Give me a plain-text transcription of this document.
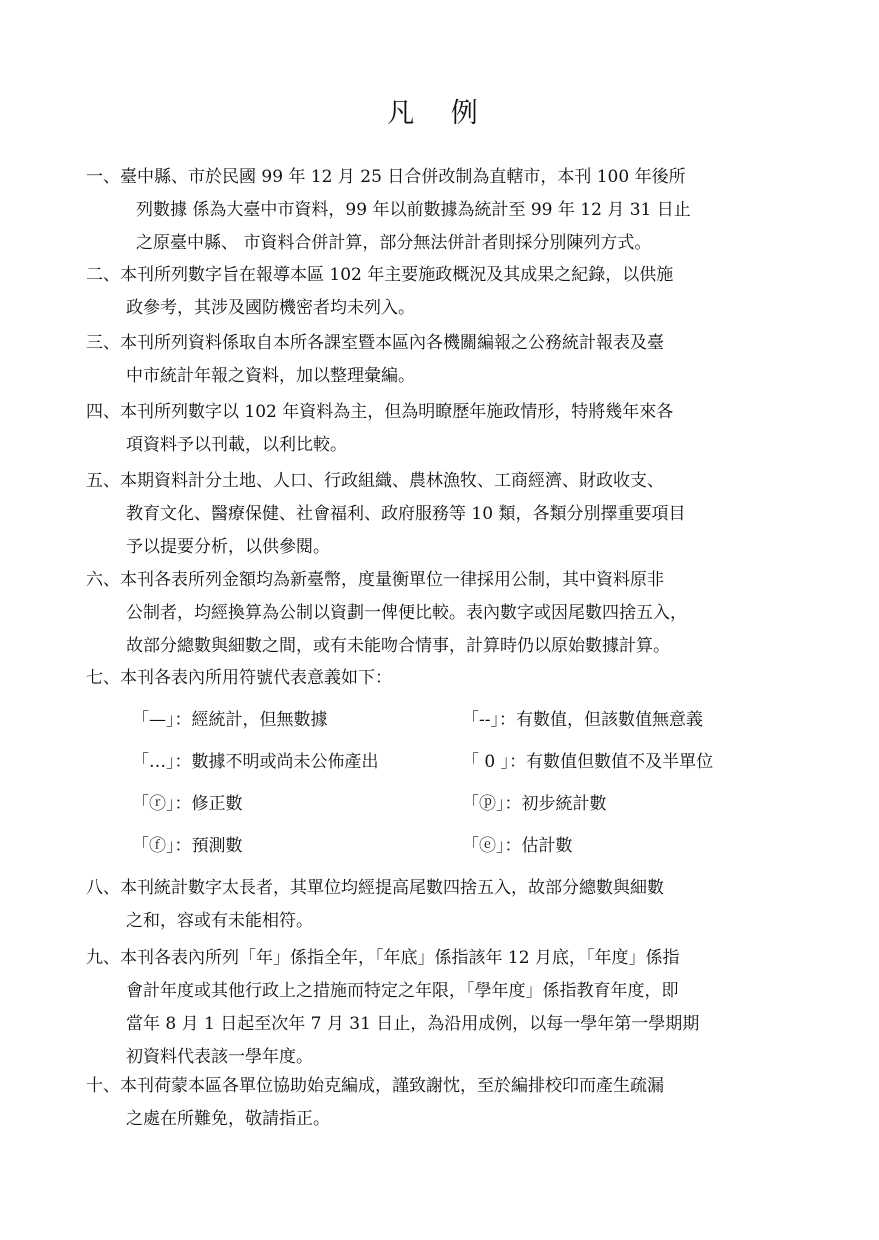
凡 例
一、臺中縣、市於民國 99 年 12 月 25 日合併改制為直轄市，本刊 100 年後所
列數據 係為大臺中市資料，99 年以前數據為統計至 99 年 12 月 31 日止
之原臺中縣、 市資料合併計算，部分無法併計者則採分別陳列方式。
二、本刊所列數字旨在報導本區 102 年主要施政概況及其成果之紀錄，以供施
政參考，其涉及國防機密者均未列入。
三、本刊所列資料係取自本所各課室暨本區內各機關編報之公務統計報表及臺
中市統計年報之資料，加以整理彙編。
四、本刊所列數字以 102 年資料為主，但為明瞭歷年施政情形，特將幾年來各
項資料予以刊載，以利比較。
五、本期資料計分土地、人口、行政組織、農林漁牧、工商經濟、財政收支、
教育文化、醫療保健、社會福利、政府服務等 10 類，各類分別擇重要項目
予以提要分析，以供參閱。
六、本刊各表所列金額均為新臺幣，度量衡單位一律採用公制，其中資料原非
公制者，均經換算為公制以資劃一俾便比較。表內數字或因尾數四捨五入，
故部分總數與細數之間，或有未能吻合情事，計算時仍以原始數據計算。
七、本刊各表內所用符號代表意義如下：
「—」：經統計，但無數據	「--」：有數值，但該數值無意義
「…」：數據不明或尚未公佈產出	「 0 」：有數值但數值不及半單位
「ⓡ」：修正數	「ⓟ」：初步統計數
「ⓕ」：預測數	「ⓔ」：估計數
八、本刊統計數字太長者，其單位均經提高尾數四捨五入，故部分總數與細數
之和，容或有未能相符。
九、本刊各表內所列「年」係指全年，「年底」係指該年 12 月底，「年度」係指
會計年度或其他行政上之措施而特定之年限，「學年度」係指教育年度，即
當年 8 月 1 日起至次年 7 月 31 日止，為沿用成例，以每一學年第一學期期
初資料代表該一學年度。
十、本刊荷蒙本區各單位協助始克編成，謹致謝忱，至於編排校印而產生疏漏
之處在所難免，敬請指正。
